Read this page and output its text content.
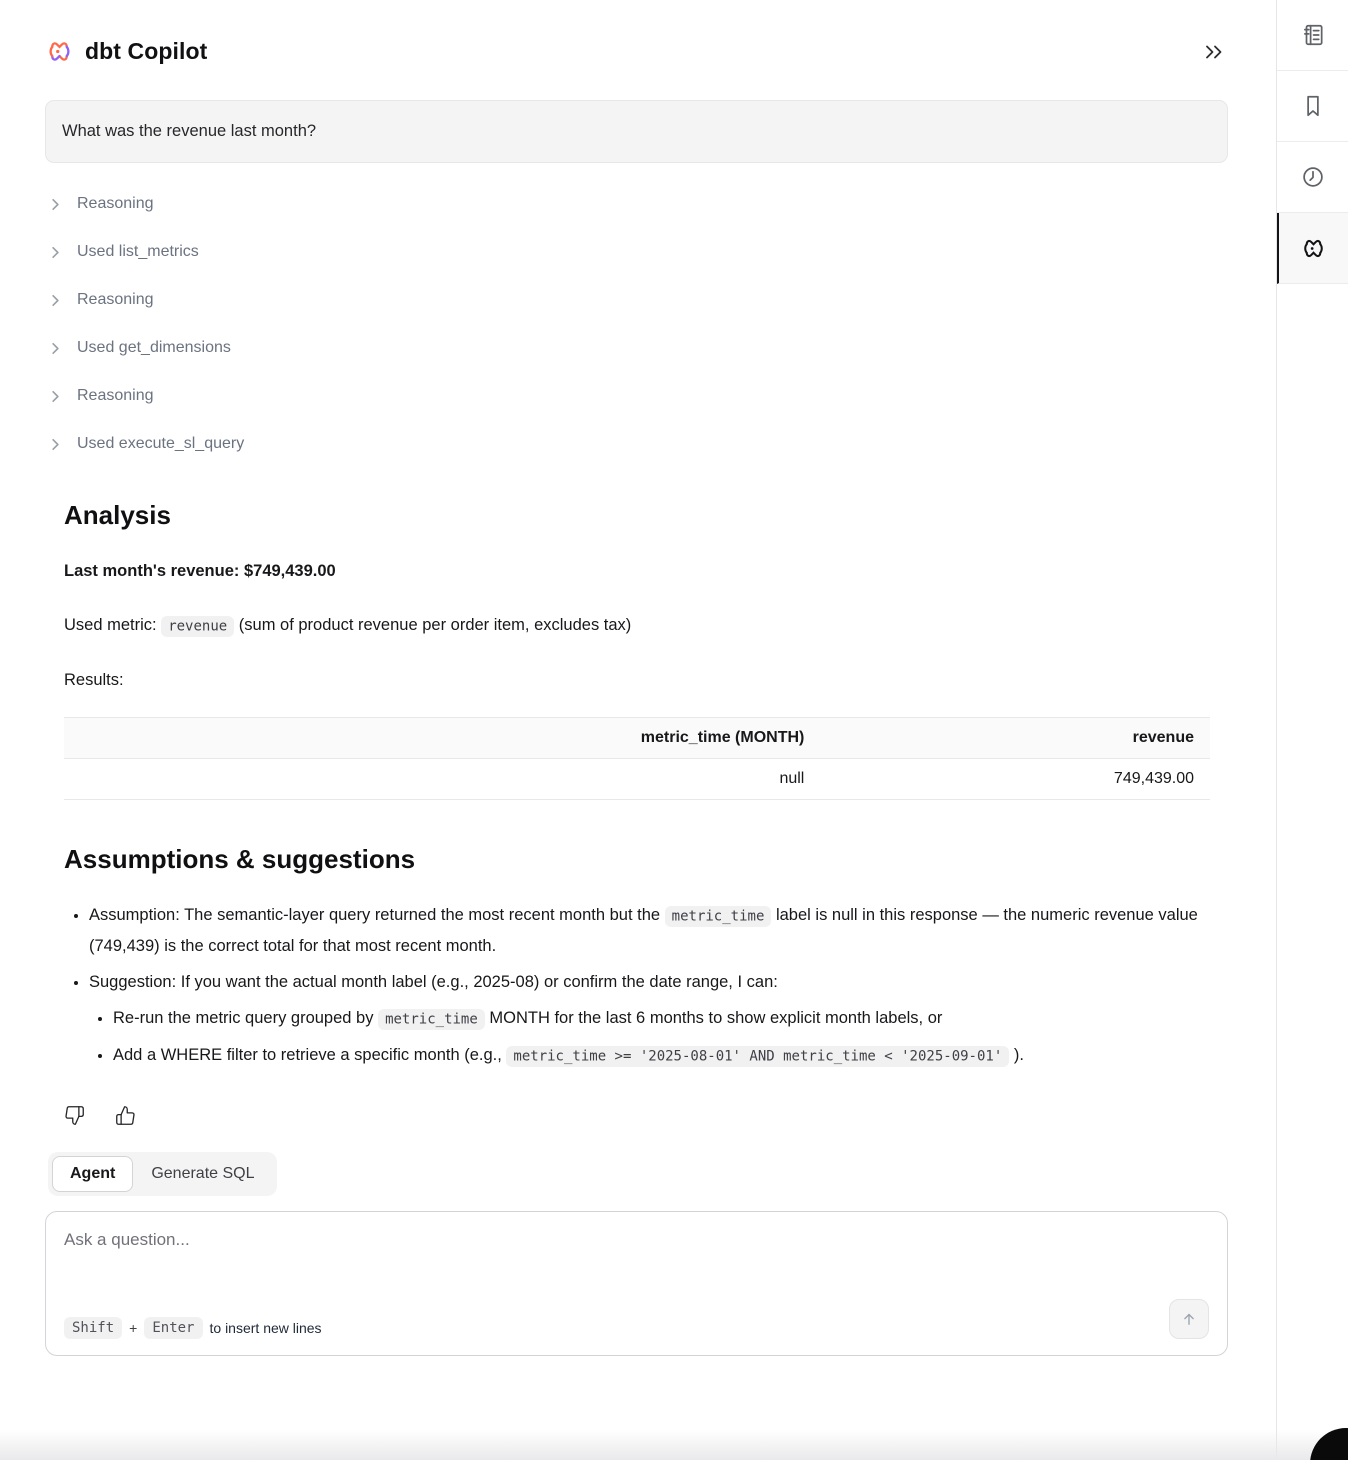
dbt Copilot
What was the revenue last month?
Reasoning
Used list_metrics
Reasoning
Used get_dimensions
Reasoning
Used execute_sl_query
Analysis

Last month's revenue: $749,439.00

Used metric: revenue (sum of product revenue per order item, excludes tax)

Results:

metric_time (MONTH)	revenue
null	749,439.00
Assumptions & suggestions
• Assumption: The semantic-layer query returned the most recent month but the metric_time label is null in this response — the numeric revenue value (749,439) is the correct total for that most recent month.
• Suggestion: If you want the actual month label (e.g., 2025-08) or confirm the date range, I can:
• Re-run the metric query grouped by metric_time MONTH for the last 6 months to show explicit month labels, or
• Add a WHERE filter to retrieve a specific month (e.g., metric_time >= '2025-08-01' AND metric_time < '2025-09-01' ).
Agent	Generate SQL
Ask a question...
Shift	+	Enter	to insert new lines
